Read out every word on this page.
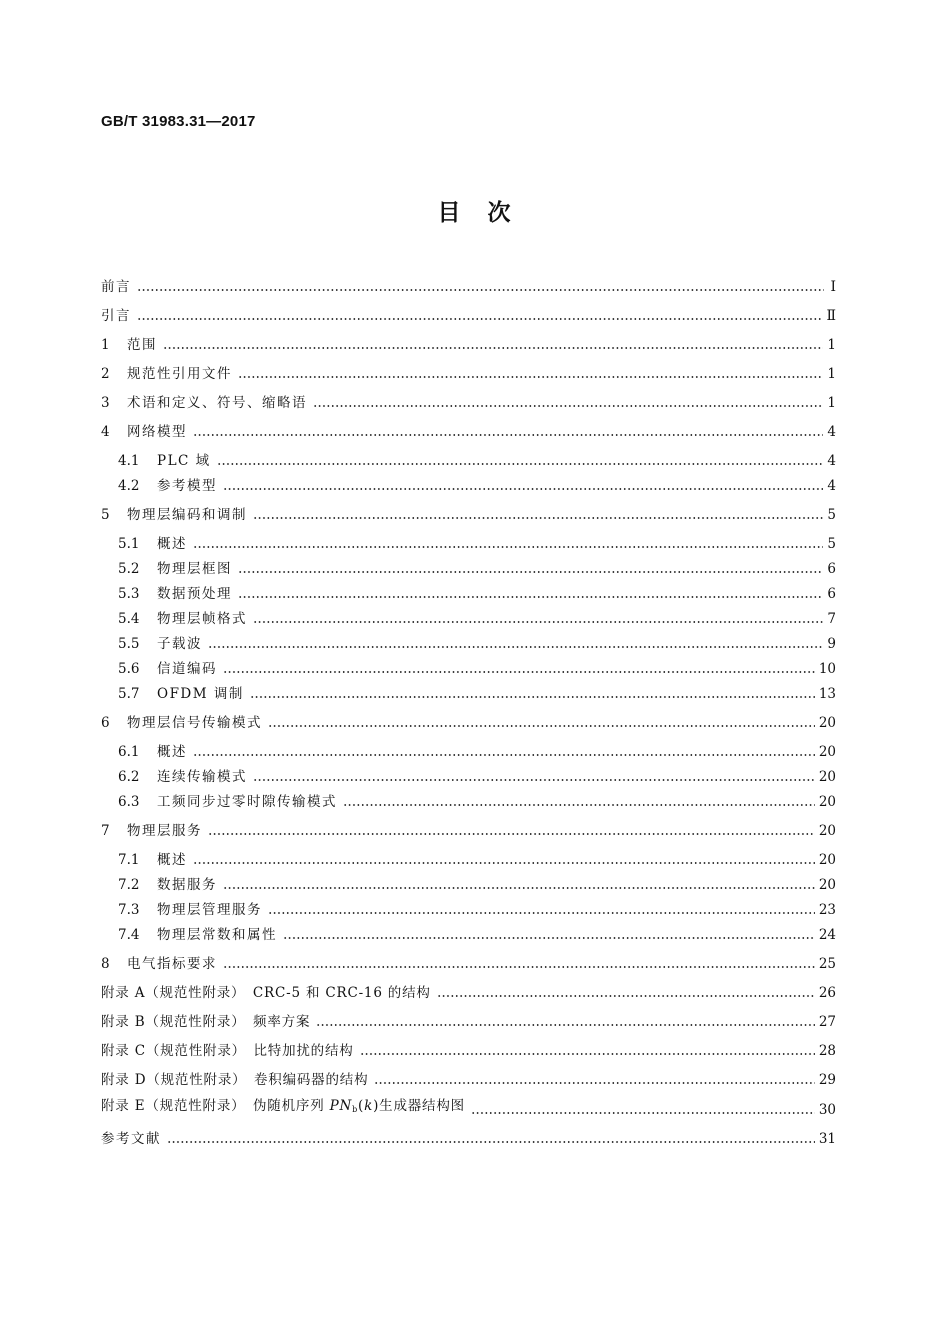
GB/T 31983.31—2017
目　次
前言	Ⅰ
引言	Ⅱ
1	范围	1
2	规范性引用文件	1
3	术语和定义、符号、缩略语	1
4	网络模型	4
4.1	PLC 域	4
4.2	参考模型	4
5	物理层编码和调制	5
5.1	概述	5
5.2	物理层框图	6
5.3	数据预处理	6
5.4	物理层帧格式	7
5.5	子载波	9
5.6	信道编码	10
5.7	OFDM 调制	13
6	物理层信号传输模式	20
6.1	概述	20
6.2	连续传输模式	20
6.3	工频同步过零时隙传输模式	20
7	物理层服务	20
7.1	概述	20
7.2	数据服务	20
7.3	物理层管理服务	23
7.4	物理层常数和属性	24
8	电气指标要求	25
附录 A（规范性附录）　CRC-5 和 CRC-16 的结构	26
附录 B（规范性附录）　频率方案	27
附录 C（规范性附录）　比特加扰的结构	28
附录 D（规范性附录）　卷积编码器的结构	29
附录 E（规范性附录）　伪随机序列 $PN_b(k)$生成器结构图	30
参考文献	31
